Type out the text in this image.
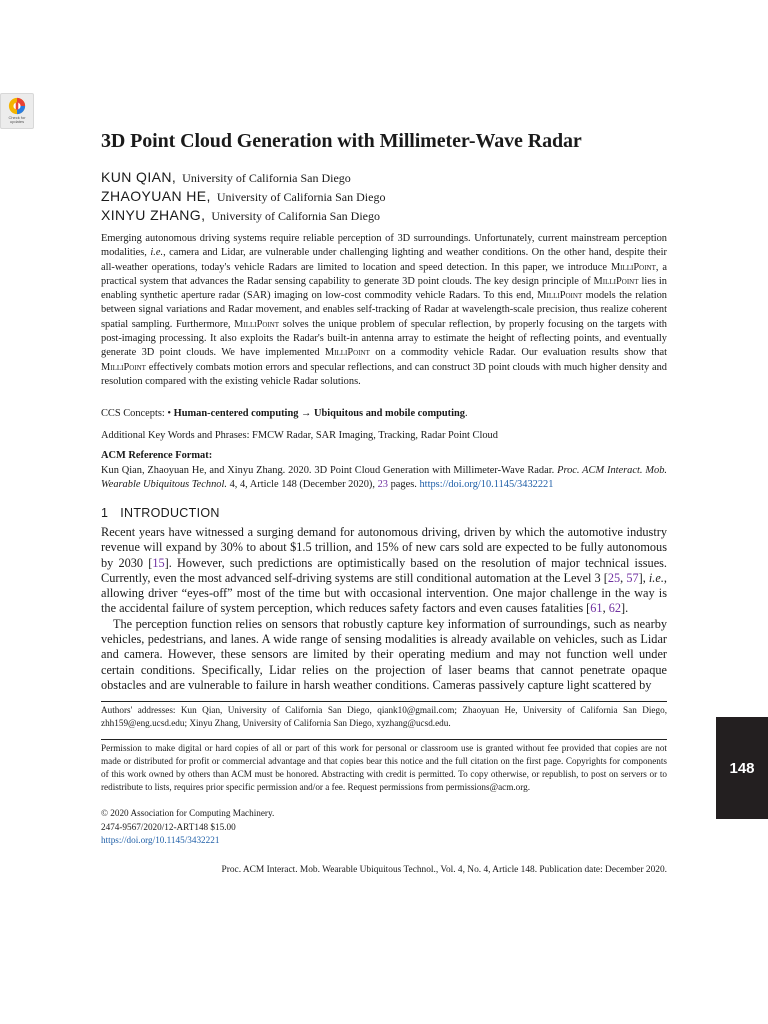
Check for
updates
3D Point Cloud Generation with Millimeter-Wave Radar
KUN QIAN, University of California San Diego
ZHAOYUAN HE, University of California San Diego
XINYU ZHANG, University of California San Diego
Emerging autonomous driving systems require reliable perception of 3D surroundings. Unfortunately, current mainstream perception modalities, i.e., camera and Lidar, are vulnerable under challenging lighting and weather conditions. On the other hand, despite their all-weather operations, today's vehicle Radars are limited to location and speed detection. In this paper, we introduce MilliPoint, a practical system that advances the Radar sensing capability to generate 3D point clouds. The key design principle of MilliPoint lies in enabling synthetic aperture radar (SAR) imaging on low-cost commodity vehicle Radars. To this end, MilliPoint models the relation between signal variations and Radar movement, and enables self-tracking of Radar at wavelength-scale precision, thus realize coherent spatial sampling. Furthermore, MilliPoint solves the unique problem of specular reflection, by properly focusing on the targets with post-imaging processing. It also exploits the Radar's built-in antenna array to estimate the height of reflecting points, and eventually generate 3D point clouds. We have implemented MilliPoint on a commodity vehicle Radar. Our evaluation results show that MilliPoint effectively combats motion errors and specular reflections, and can construct 3D point clouds with much higher density and resolution compared with the existing vehicle Radar solutions.
CCS Concepts: • Human-centered computing → Ubiquitous and mobile computing.
Additional Key Words and Phrases: FMCW Radar, SAR Imaging, Tracking, Radar Point Cloud
ACM Reference Format:
Kun Qian, Zhaoyuan He, and Xinyu Zhang. 2020. 3D Point Cloud Generation with Millimeter-Wave Radar. Proc. ACM Interact. Mob. Wearable Ubiquitous Technol. 4, 4, Article 148 (December 2020), 23 pages. https://doi.org/10.1145/3432221
1 INTRODUCTION

Recent years have witnessed a surging demand for autonomous driving, driven by which the automotive industry revenue will expand by 30% to about $1.5 trillion, and 15% of new cars sold are expected to be fully autonomous by 2030 [15]. However, such predictions are optimistically based on the resolution of major technical issues. Currently, even the most advanced self-driving systems are still conditional automation at the Level 3 [25, 57], i.e., allowing driver “eyes-off” most of the time but with occasional intervention. One major challenge in the way is the accidental failure of system perception, which reduces safety factors and even causes fatalities [61, 62].

The perception function relies on sensors that robustly capture key information of surroundings, such as nearby vehicles, pedestrians, and lanes. A wide range of sensing modalities is already available on vehicles, such as Lidar and camera. However, these sensors are limited by their operating medium and may not function well under certain conditions. Specifically, Lidar relies on the projection of laser beams that cannot penetrate opaque obstacles and are vulnerable to failure in harsh weather conditions. Cameras passively capture light scattered by

Authors' addresses: Kun Qian, University of California San Diego, qiank10@gmail.com; Zhaoyuan He, University of California San Diego, zhh159@eng.ucsd.edu; Xinyu Zhang, University of California San Diego, xyzhang@ucsd.edu.
Permission to make digital or hard copies of all or part of this work for personal or classroom use is granted without fee provided that copies are not made or distributed for profit or commercial advantage and that copies bear this notice and the full citation on the first page. Copyrights for components of this work owned by others than ACM must be honored. Abstracting with credit is permitted. To copy otherwise, or republish, to post on servers or to redistribute to lists, requires prior specific permission and/or a fee. Request permissions from permissions@acm.org.
© 2020 Association for Computing Machinery.
2474-9567/2020/12-ART148 $15.00
https://doi.org/10.1145/3432221
Proc. ACM Interact. Mob. Wearable Ubiquitous Technol., Vol. 4, No. 4, Article 148. Publication date: December 2020.
148
